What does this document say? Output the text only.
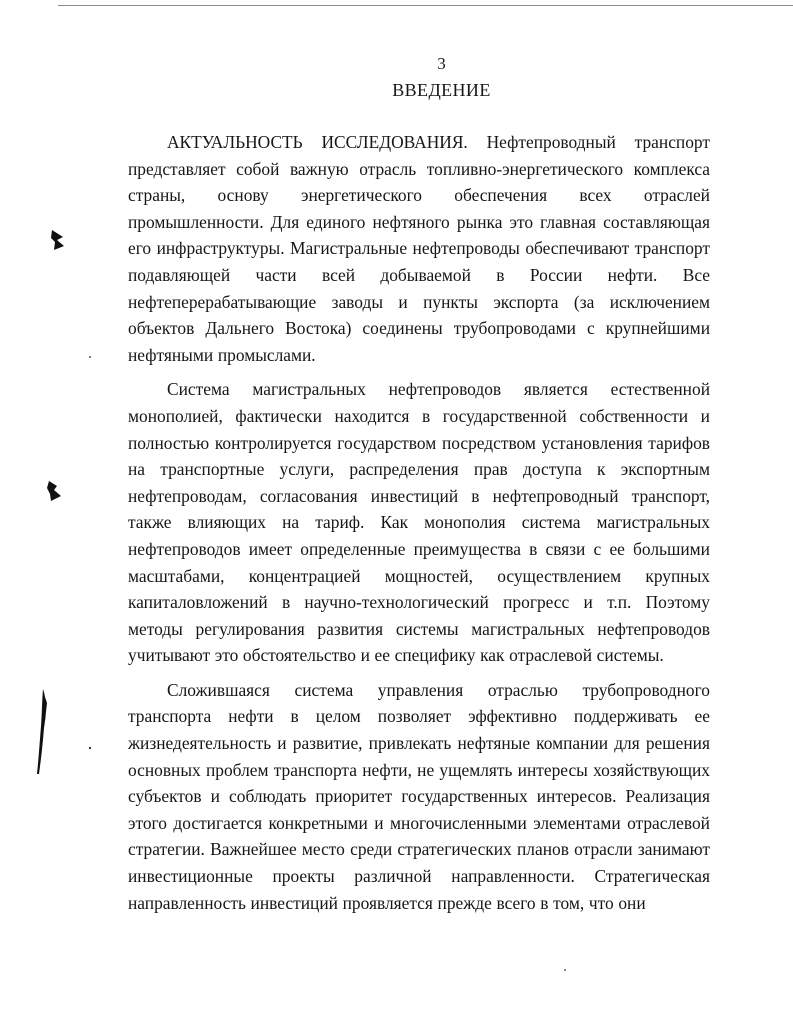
3
ВВЕДЕНИЕ

АКТУАЛЬНОСТЬ ИССЛЕДОВАНИЯ. Нефтепроводный транспорт представляет собой важную отрасль топливно-энергетического комплекса страны, основу энергетического обеспечения всех отраслей промышленности. Для единого нефтяного рынка это главная составляющая его инфраструктуры. Магистральные нефтепроводы обеспечивают транспорт подавляющей части всей добываемой в России нефти. Все нефтеперерабатывающие заводы и пункты экспорта (за исключением объектов Дальнего Востока) соединены трубопроводами с крупнейшими нефтяными промыслами.

Система магистральных нефтепроводов является естественной монополией, фактически находится в государственной собственности и полностью контролируется государством посредством установления тарифов на транспортные услуги, распределения прав доступа к экспортным нефтепроводам, согласования инвестиций в нефтепроводный транспорт, также влияющих на тариф. Как монополия система магистральных нефтепроводов имеет определенные преимущества в связи с ее большими масштабами, концентрацией мощностей, осуществлением крупных капиталовложений в научно-технологический прогресс и т.п. Поэтому методы регулирования развития системы магистральных нефтепроводов учитывают это обстоятельство и ее специфику как отраслевой системы.

Сложившаяся система управления отраслью трубопроводного транспорта нефти в целом позволяет эффективно поддерживать ее жизнедеятельность и развитие, привлекать нефтяные компании для решения основных проблем транспорта нефти, не ущемлять интересы хозяйствующих субъектов и соблюдать приоритет государственных интересов. Реализация этого достигается конкретными и многочисленными элементами отраслевой стратегии. Важнейшее место среди стратегических планов отрасли занимают инвестиционные проекты различной направленности. Стратегическая направленность инвестиций проявляется прежде всего в том, что они
